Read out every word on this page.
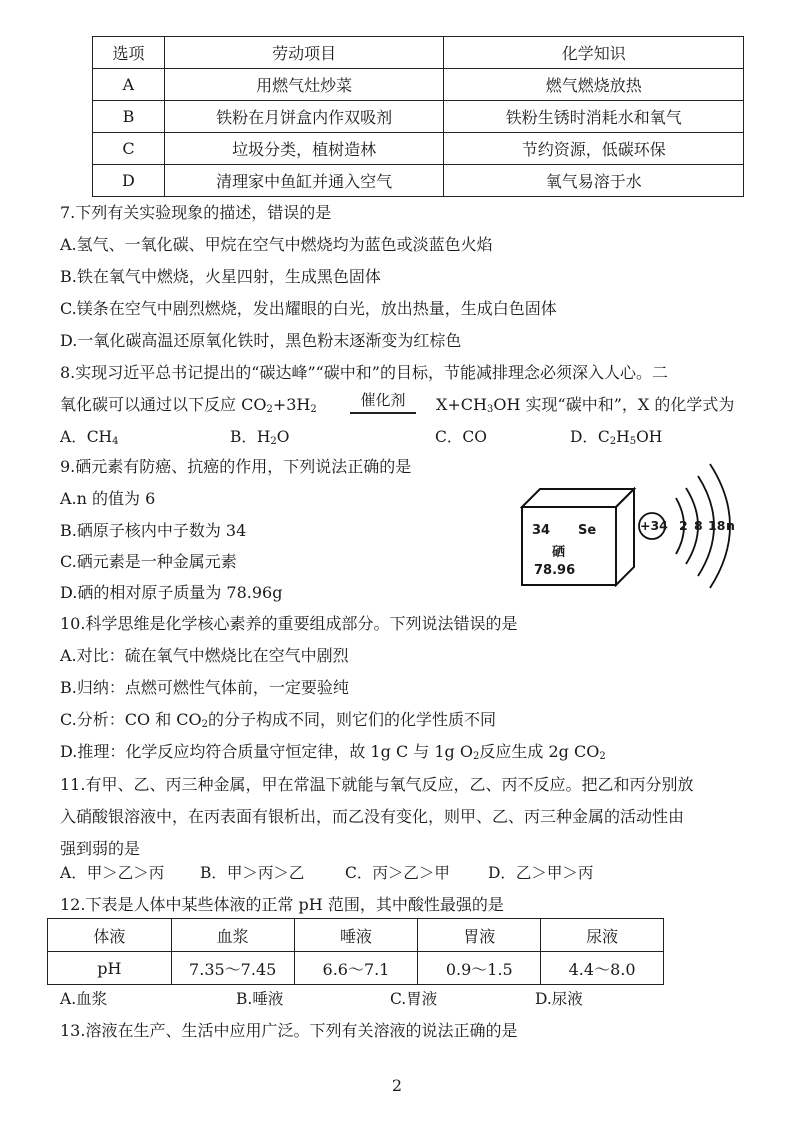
选项	劳动项目	化学知识
A	用燃气灶炒菜	燃气燃烧放热
B	铁粉在月饼盒内作双吸剂	铁粉生锈时消耗水和氧气
C	垃圾分类，植树造林	节约资源，低碳环保
D	清理家中鱼缸并通入空气	氧气易溶于水
7.下列有关实验现象的描述，错误的是
A.氢气、一氧化碳、甲烷在空气中燃烧均为蓝色或淡蓝色火焰
B.铁在氧气中燃烧，火星四射，生成黑色固体
C.镁条在空气中剧烈燃烧，发出耀眼的白光，放出热量，生成白色固体
D.一氧化碳高温还原氧化铁时，黑色粉末逐渐变为红棕色
8.实现习近平总书记提出的“碳达峰”“碳中和”的目标，节能减排理念必须深入人心。二
氧化碳可以通过以下反应 $CO_2+3H_2$
催化剂	$X+CH_3OH$ 实现“碳中和”，X 的化学式为
A．$CH_4$	B．$H_2O$	C．CO	D．$C_2H_5OH$
9.硒元素有防癌、抗癌的作用，下列说法正确的是
A.n 的值为 6
B.硒原子核内中子数为 34
C.硒元素是一种金属元素
D.硒的相对原子质量为 78.96g
34 Se
硒
78.96
+34 2 8 18 n
10.科学思维是化学核心素养的重要组成部分。下列说法错误的是
A.对比：硫在氧气中燃烧比在空气中剧烈
B.归纳：点燃可燃性气体前，一定要验纯
C.分析：CO 和 $CO_2$的分子构成不同，则它们的化学性质不同
D.推理：化学反应均符合质量守恒定律，故 1g C 与 1g $O_2$反应生成 2g $CO_2$
11.有甲、乙、丙三种金属，甲在常温下就能与氧气反应，乙、丙不反应。把乙和丙分别放
入硝酸银溶液中，在丙表面有银析出，而乙没有变化，则甲、乙、丙三种金属的活动性由
强到弱的是
A．甲＞乙＞丙 B．甲＞丙＞乙	C．丙＞乙＞甲 D．乙＞甲＞丙
12.下表是人体中某些体液的正常 pH 范围，其中酸性最强的是
体液	血浆	唾液	胃液	尿液
pH	7.35～7.45	6.6～7.1	0.9～1.5	4.4～8.0
A.血浆	B.唾液	C.胃液	D.尿液
13.溶液在生产、生活中应用广泛。下列有关溶液的说法正确的是
2
